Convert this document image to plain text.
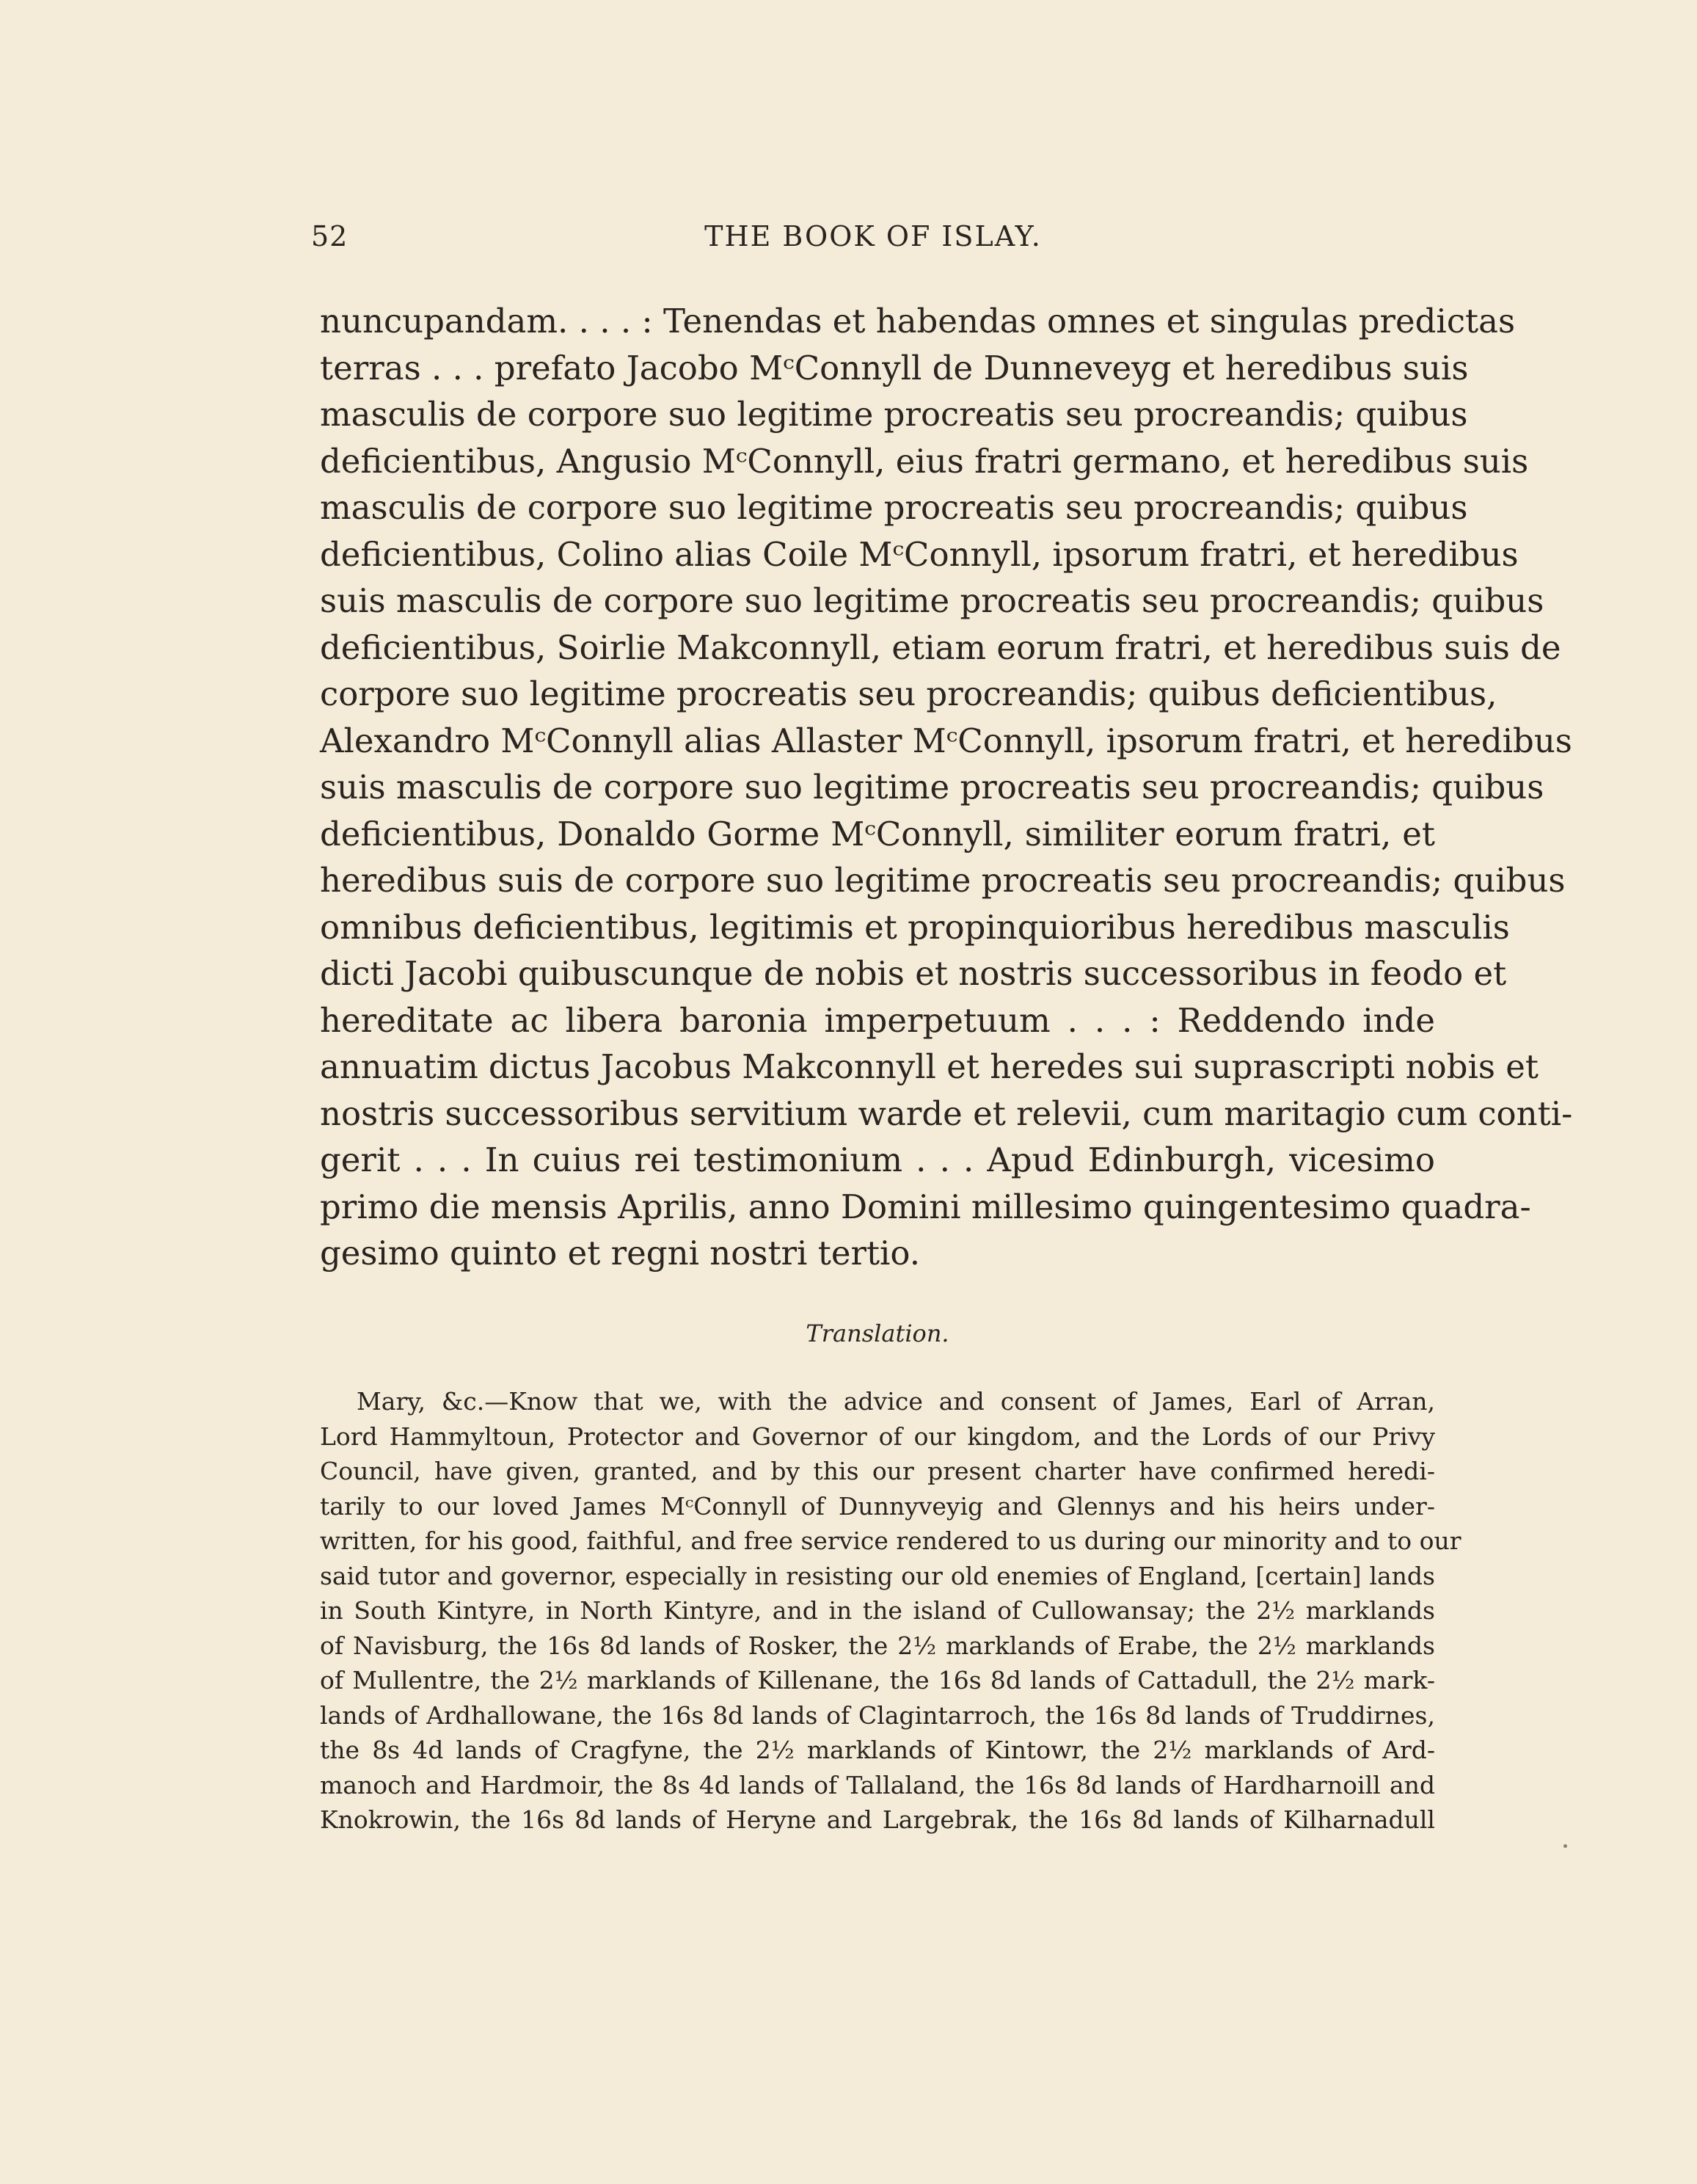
52	THE BOOK OF ISLAY.
nuncupandam. . . . : Tenendas et habendas omnes et singulas predictas
terras . . . prefato Jacobo MᶜConnyll de Dunneveyg et heredibus suis
masculis de corpore suo legitime procreatis seu procreandis; quibus
deficientibus, Angusio MᶜConnyll, eius fratri germano, et heredibus suis
masculis de corpore suo legitime procreatis seu procreandis; quibus
deficientibus, Colino alias Coile MᶜConnyll, ipsorum fratri, et heredibus
suis masculis de corpore suo legitime procreatis seu procreandis; quibus
deficientibus, Soirlie Makconnyll, etiam eorum fratri, et heredibus suis de
corpore suo legitime procreatis seu procreandis; quibus deficientibus,
Alexandro MᶜConnyll alias Allaster MᶜConnyll, ipsorum fratri, et heredibus
suis masculis de corpore suo legitime procreatis seu procreandis; quibus
deficientibus, Donaldo Gorme MᶜConnyll, similiter eorum fratri, et
heredibus suis de corpore suo legitime procreatis seu procreandis; quibus
omnibus deficientibus, legitimis et propinquioribus heredibus masculis
dicti Jacobi quibuscunque de nobis et nostris successoribus in feodo et
hereditate ac libera baronia imperpetuum . . . : Reddendo inde
annuatim dictus Jacobus Makconnyll et heredes sui suprascripti nobis et
nostris successoribus servitium warde et relevii, cum maritagio cum conti-
gerit . . . In cuius rei testimonium . . . Apud Edinburgh, vicesimo
primo die mensis Aprilis, anno Domini millesimo quingentesimo quadra-
gesimo quinto et regni nostri tertio.
Translation.
Mary, &c.—Know that we, with the advice and consent of James, Earl of Arran,
Lord Hammyltoun, Protector and Governor of our kingdom, and the Lords of our Privy
Council, have given, granted, and by this our present charter have confirmed heredi-
tarily to our loved James MᶜConnyll of Dunnyveyig and Glennys and his heirs under-
written, for his good, faithful, and free service rendered to us during our minority and to our
said tutor and governor, especially in resisting our old enemies of England, [certain] lands
in South Kintyre, in North Kintyre, and in the island of Cullowansay; the 2½ marklands
of Navisburg, the 16s 8d lands of Rosker, the 2½ marklands of Erabe, the 2½ marklands
of Mullentre, the 2½ marklands of Killenane, the 16s 8d lands of Cattadull, the 2½ mark-
lands of Ardhallowane, the 16s 8d lands of Clagintarroch, the 16s 8d lands of Truddirnes,
the 8s 4d lands of Cragfyne, the 2½ marklands of Kintowr, the 2½ marklands of Ard-
manoch and Hardmoir, the 8s 4d lands of Tallaland, the 16s 8d lands of Hardharnoill and
Knokrowin, the 16s 8d lands of Heryne and Largebrak, the 16s 8d lands of Kilharnadull
